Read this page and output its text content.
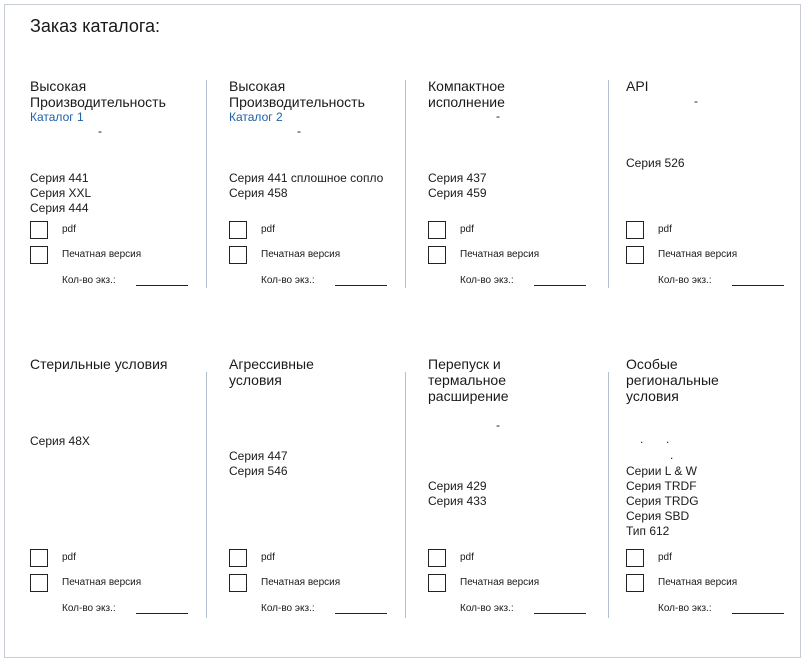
Заказ каталога:
Высокая Производительность
Каталог 1
-
Серия 441
Серия XXL
Серия 444
pdf
Печатная версия
Кол-во экз.:
Высокая Производительность
Каталог 2
-
Серия 441 сплошное сопло
Серия 458
pdf
Печатная версия
Кол-во экз.:
Компактное исполнение
-
Серия 437
Серия 459
pdf
Печатная версия
Кол-во экз.:
API
-
Серия 526
pdf
Печатная версия
Кол-во экз.:
Стерильные условия
Серия 48X
pdf
Печатная версия
Кол-во экз.:
Агрессивные условия
Серия 447
Серия 546
pdf
Печатная версия
Кол-во экз.:
Перепуск и термальное расширение
-
Серия 429
Серия 433
pdf
Печатная версия
Кол-во экз.:
Особые региональные условия
. .
.
Серии L & W
Серия TRDF
Серия TRDG
Серия SBD
Тип 612
pdf
Печатная версия
Кол-во экз.:
